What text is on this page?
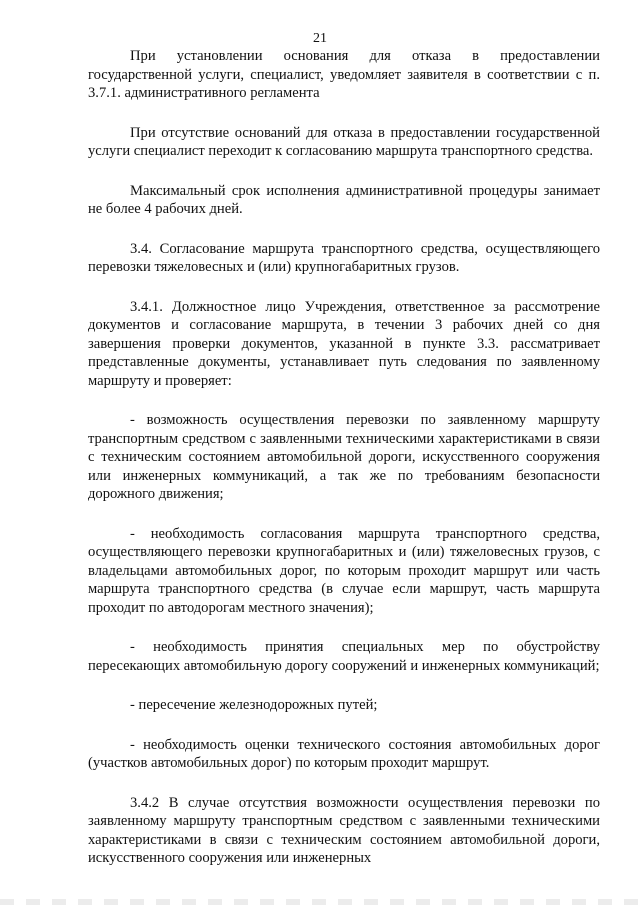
21

При установлении основания для отказа в предоставлении государственной услуги, специалист, уведомляет заявителя в соответствии с п. 3.7.1. административного регламента

При отсутствие оснований для отказа в предоставлении государственной услуги специалист переходит к согласованию маршрута транспортного средства.

Максимальный срок исполнения административной процедуры занимает не более 4 рабочих дней.

3.4. Согласование маршрута транспортного средства, осуществляющего перевозки тяжеловесных и (или) крупногабаритных грузов.

3.4.1. Должностное лицо Учреждения, ответственное за рассмотрение документов и согласование маршрута, в течении 3 рабочих дней со дня завершения проверки документов, указанной в пункте 3.3. рассматривает представленные документы, устанавливает путь следования по заявленному маршруту и проверяет:

- возможность осуществления перевозки по заявленному маршруту транспортным средством с заявленными техническими характеристиками в связи с техническим состоянием автомобильной дороги, искусственного сооружения или инженерных коммуникаций, а так же по требованиям безопасности дорожного движения;

- необходимость согласования маршрута транспортного средства, осуществляющего перевозки крупногабаритных и (или) тяжеловесных грузов, с владельцами автомобильных дорог, по которым проходит маршрут или часть маршрута транспортного средства (в случае если маршрут, часть маршрута проходит по автодорогам местного значения);

- необходимость принятия специальных мер по обустройству пересекающих автомобильную дорогу сооружений и инженерных коммуникаций;

- пересечение железнодорожных путей;

- необходимость оценки технического состояния автомобильных дорог (участков автомобильных дорог) по которым проходит маршрут.

3.4.2 В случае отсутствия возможности осуществления перевозки по заявленному маршруту транспортным средством с заявленными техническими характеристиками в связи с техническим состоянием автомобильной дороги, искусственного сооружения или инженерных
